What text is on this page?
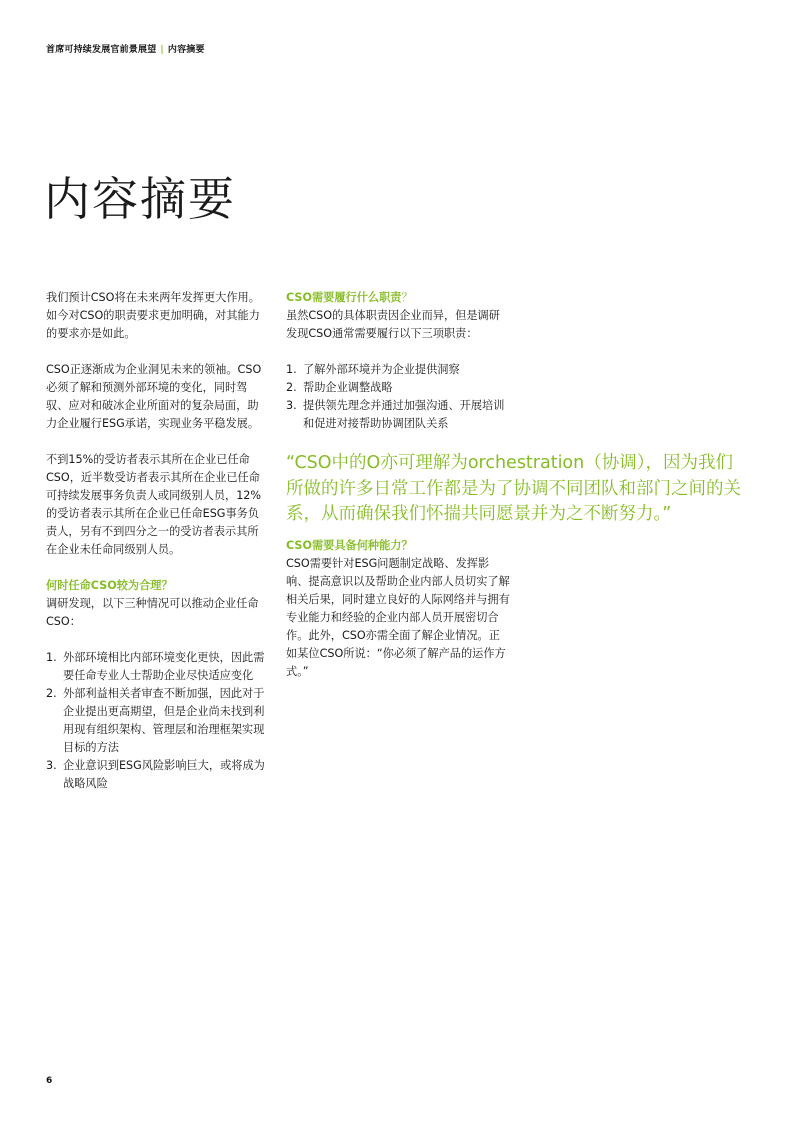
首席可持续发展官前景展望 | 内容摘要
内容摘要

我们预计CSO将在未来两年发挥更大作用。如今对CSO的职责要求更加明确，对其能力的要求亦是如此。

CSO正逐渐成为企业洞见未来的领袖。CSO必须了解和预测外部环境的变化，同时驾驭、应对和破冰企业所面对的复杂局面，助力企业履行ESG承诺，实现业务平稳发展。

不到15%的受访者表示其所在企业已任命CSO，近半数受访者表示其所在企业已任命可持续发展事务负责人或同级别人员，12%的受访者表示其所在企业已任命ESG事务负责人，另有不到四分之一的受访者表示其所在企业未任命同级别人员。

何时任命CSO较为合理？

调研发现，以下三种情况可以推动企业任命CSO：

1. 外部环境相比内部环境变化更快，因此需要任命专业人士帮助企业尽快适应变化
2. 外部利益相关者审查不断加强，因此对于企业提出更高期望，但是企业尚未找到利用现有组织架构、管理层和治理框架实现目标的方法
3. 企业意识到ESG风险影响巨大，或将成为战略风险
CSO需要履行什么职责？

虽然CSO的具体职责因企业而异，但是调研发现CSO通常需要履行以下三项职责：

1. 了解外部环境并为企业提供洞察
2. 帮助企业调整战略
3. 提供领先理念并通过加强沟通、开展培训和促进对接帮助协调团队关系
CSO需要具备何种能力？

CSO需要针对ESG问题制定战略、发挥影响、提高意识以及帮助企业内部人员切实了解相关后果，同时建立良好的人际网络并与拥有专业能力和经验的企业内部人员开展密切合作。此外，CSO亦需全面了解企业情况。正如某位CSO所说：“你必须了解产品的运作方式。”

“CSO中的O亦可理解为orchestration（协调），因为我们所做的许多日常工作都是为了协调不同团队和部门之间的关系，从而确保我们怀揣共同愿景并为之不断努力。”

6
